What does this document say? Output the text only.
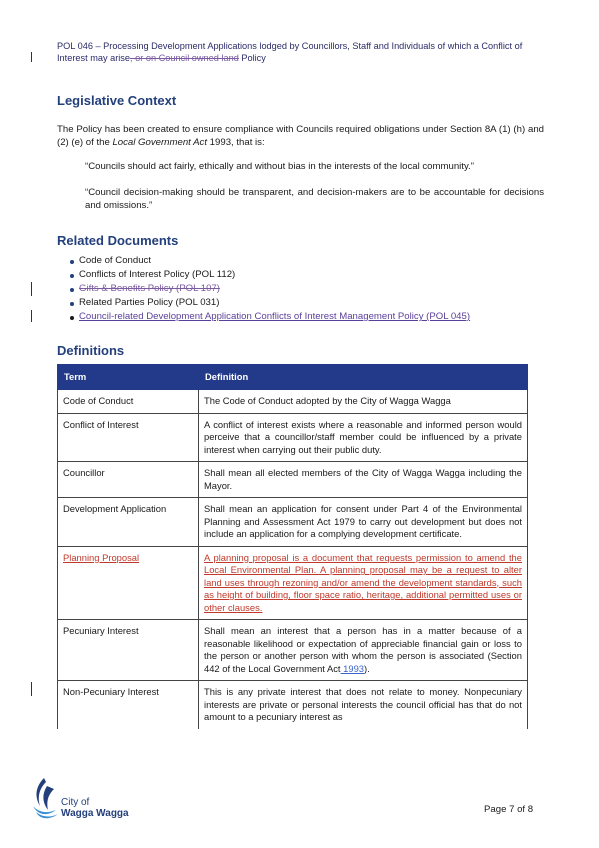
POL 046 – Processing Development Applications lodged by Councillors, Staff and Individuals of which a Conflict of Interest may arise, or on Council owned land Policy
Legislative Context
The Policy has been created to ensure compliance with Councils required obligations under Section 8A (1) (h) and (2) (e) of the Local Government Act 1993, that is:
“Councils should act fairly, ethically and without bias in the interests of the local community.”
“Council decision-making should be transparent, and decision-makers are to be accountable for decisions and omissions.”
Related Documents
Code of Conduct
Conflicts of Interest Policy (POL 112)
Gifts & Benefits Policy (POL 107)
Related Parties Policy (POL 031)
Council-related Development Application Conflicts of Interest Management Policy (POL 045)
Definitions
Term	Definition
Code of Conduct	The Code of Conduct adopted by the City of Wagga Wagga
Conflict of Interest	A conflict of interest exists where a reasonable and informed person would perceive that a councillor/staff member could be influenced by a private interest when carrying out their public duty.
Councillor	Shall mean all elected members of the City of Wagga Wagga including the Mayor.
Development Application	Shall mean an application for consent under Part 4 of the Environmental Planning and Assessment Act 1979 to carry out development but does not include an application for a complying development certificate.
Planning Proposal	A planning proposal is a document that requests permission to amend the Local Environmental Plan. A planning proposal may be a request to alter land uses through rezoning and/or amend the development standards, such as height of building, floor space ratio, heritage, additional permitted uses or other clauses.
Pecuniary Interest	Shall mean an interest that a person has in a matter because of a reasonable likelihood or expectation of appreciable financial gain or loss to the person or another person with whom the person is associated (Section 442 of the Local Government Act 1993).
Non-Pecuniary Interest	This is any private interest that does not relate to money. Nonpecuniary interests are private or personal interests the council official has that do not amount to a pecuniary interest as
City of
Wagga Wagga	Page 7 of 8
